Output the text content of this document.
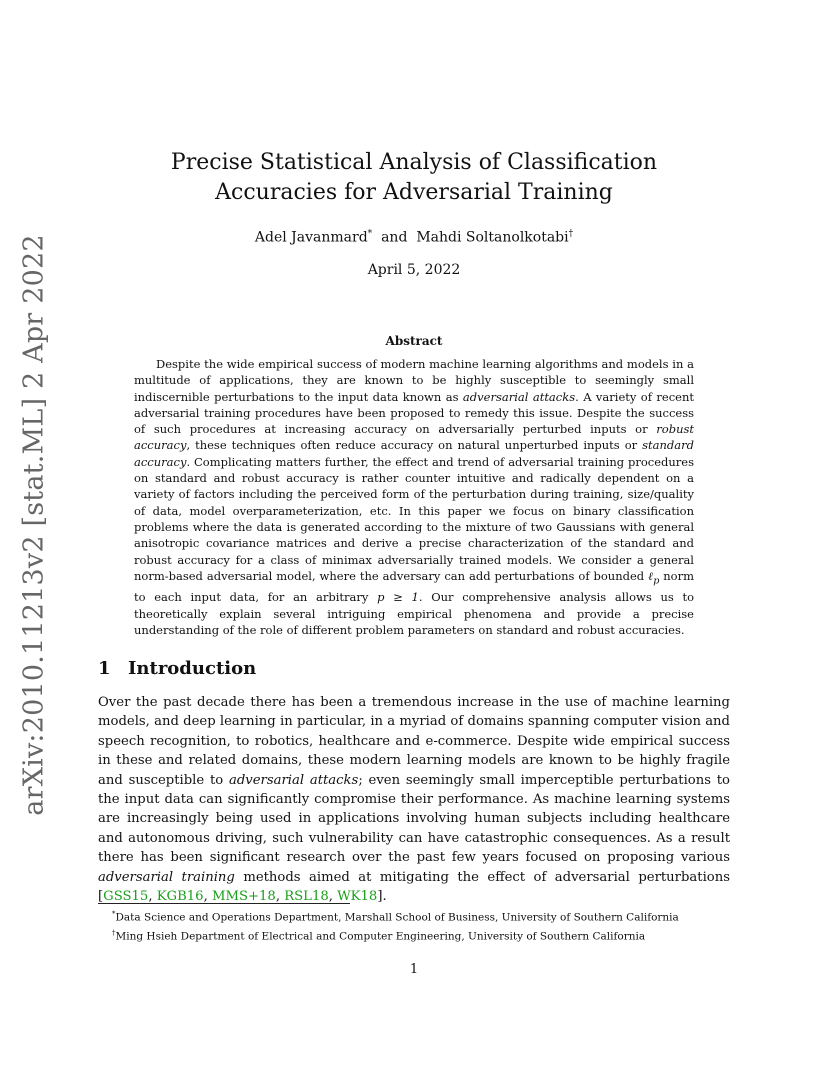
arXiv:2010.11213v2 [stat.ML] 2 Apr 2022
Precise Statistical Analysis of Classification
Accuracies for Adversarial Training
Adel Javanmard* and Mahdi Soltanolkotabi†
April 5, 2022
Abstract
Despite the wide empirical success of modern machine learning algorithms and models in a multitude of applications, they are known to be highly susceptible to seemingly small indiscernible perturbations to the input data known as adversarial attacks. A variety of recent adversarial training procedures have been proposed to remedy this issue. Despite the success of such procedures at increasing accuracy on adversarially perturbed inputs or robust accuracy, these techniques often reduce accuracy on natural unperturbed inputs or standard accuracy. Complicating matters further, the effect and trend of adversarial training procedures on standard and robust accuracy is rather counter intuitive and radically dependent on a variety of factors including the perceived form of the perturbation during training, size/quality of data, model overparameterization, etc. In this paper we focus on binary classification problems where the data is generated according to the mixture of two Gaussians with general anisotropic covariance matrices and derive a precise characterization of the standard and robust accuracy for a class of minimax adversarially trained models. We consider a general norm-based adversarial model, where the adversary can add perturbations of bounded ℓ$_p$ norm to each input data, for an arbitrary p ≥ 1. Our comprehensive analysis allows us to theoretically explain several intriguing empirical phenomena and provide a precise understanding of the role of different problem parameters on standard and robust accuracies.
1 Introduction
Over the past decade there has been a tremendous increase in the use of machine learning models, and deep learning in particular, in a myriad of domains spanning computer vision and speech recognition, to robotics, healthcare and e-commerce. Despite wide empirical success in these and related domains, these modern learning models are known to be highly fragile and susceptible to adversarial attacks; even seemingly small imperceptible perturbations to the input data can significantly compromise their performance. As machine learning systems are increasingly being used in applications involving human subjects including healthcare and autonomous driving, such vulnerability can have catastrophic consequences. As a result there has been significant research over the past few years focused on proposing various adversarial training methods aimed at mitigating the effect of adversarial perturbations [GSS15, KGB16, MMS+18, RSL18, WK18].
*Data Science and Operations Department, Marshall School of Business, University of Southern California
†Ming Hsieh Department of Electrical and Computer Engineering, University of Southern California
1
